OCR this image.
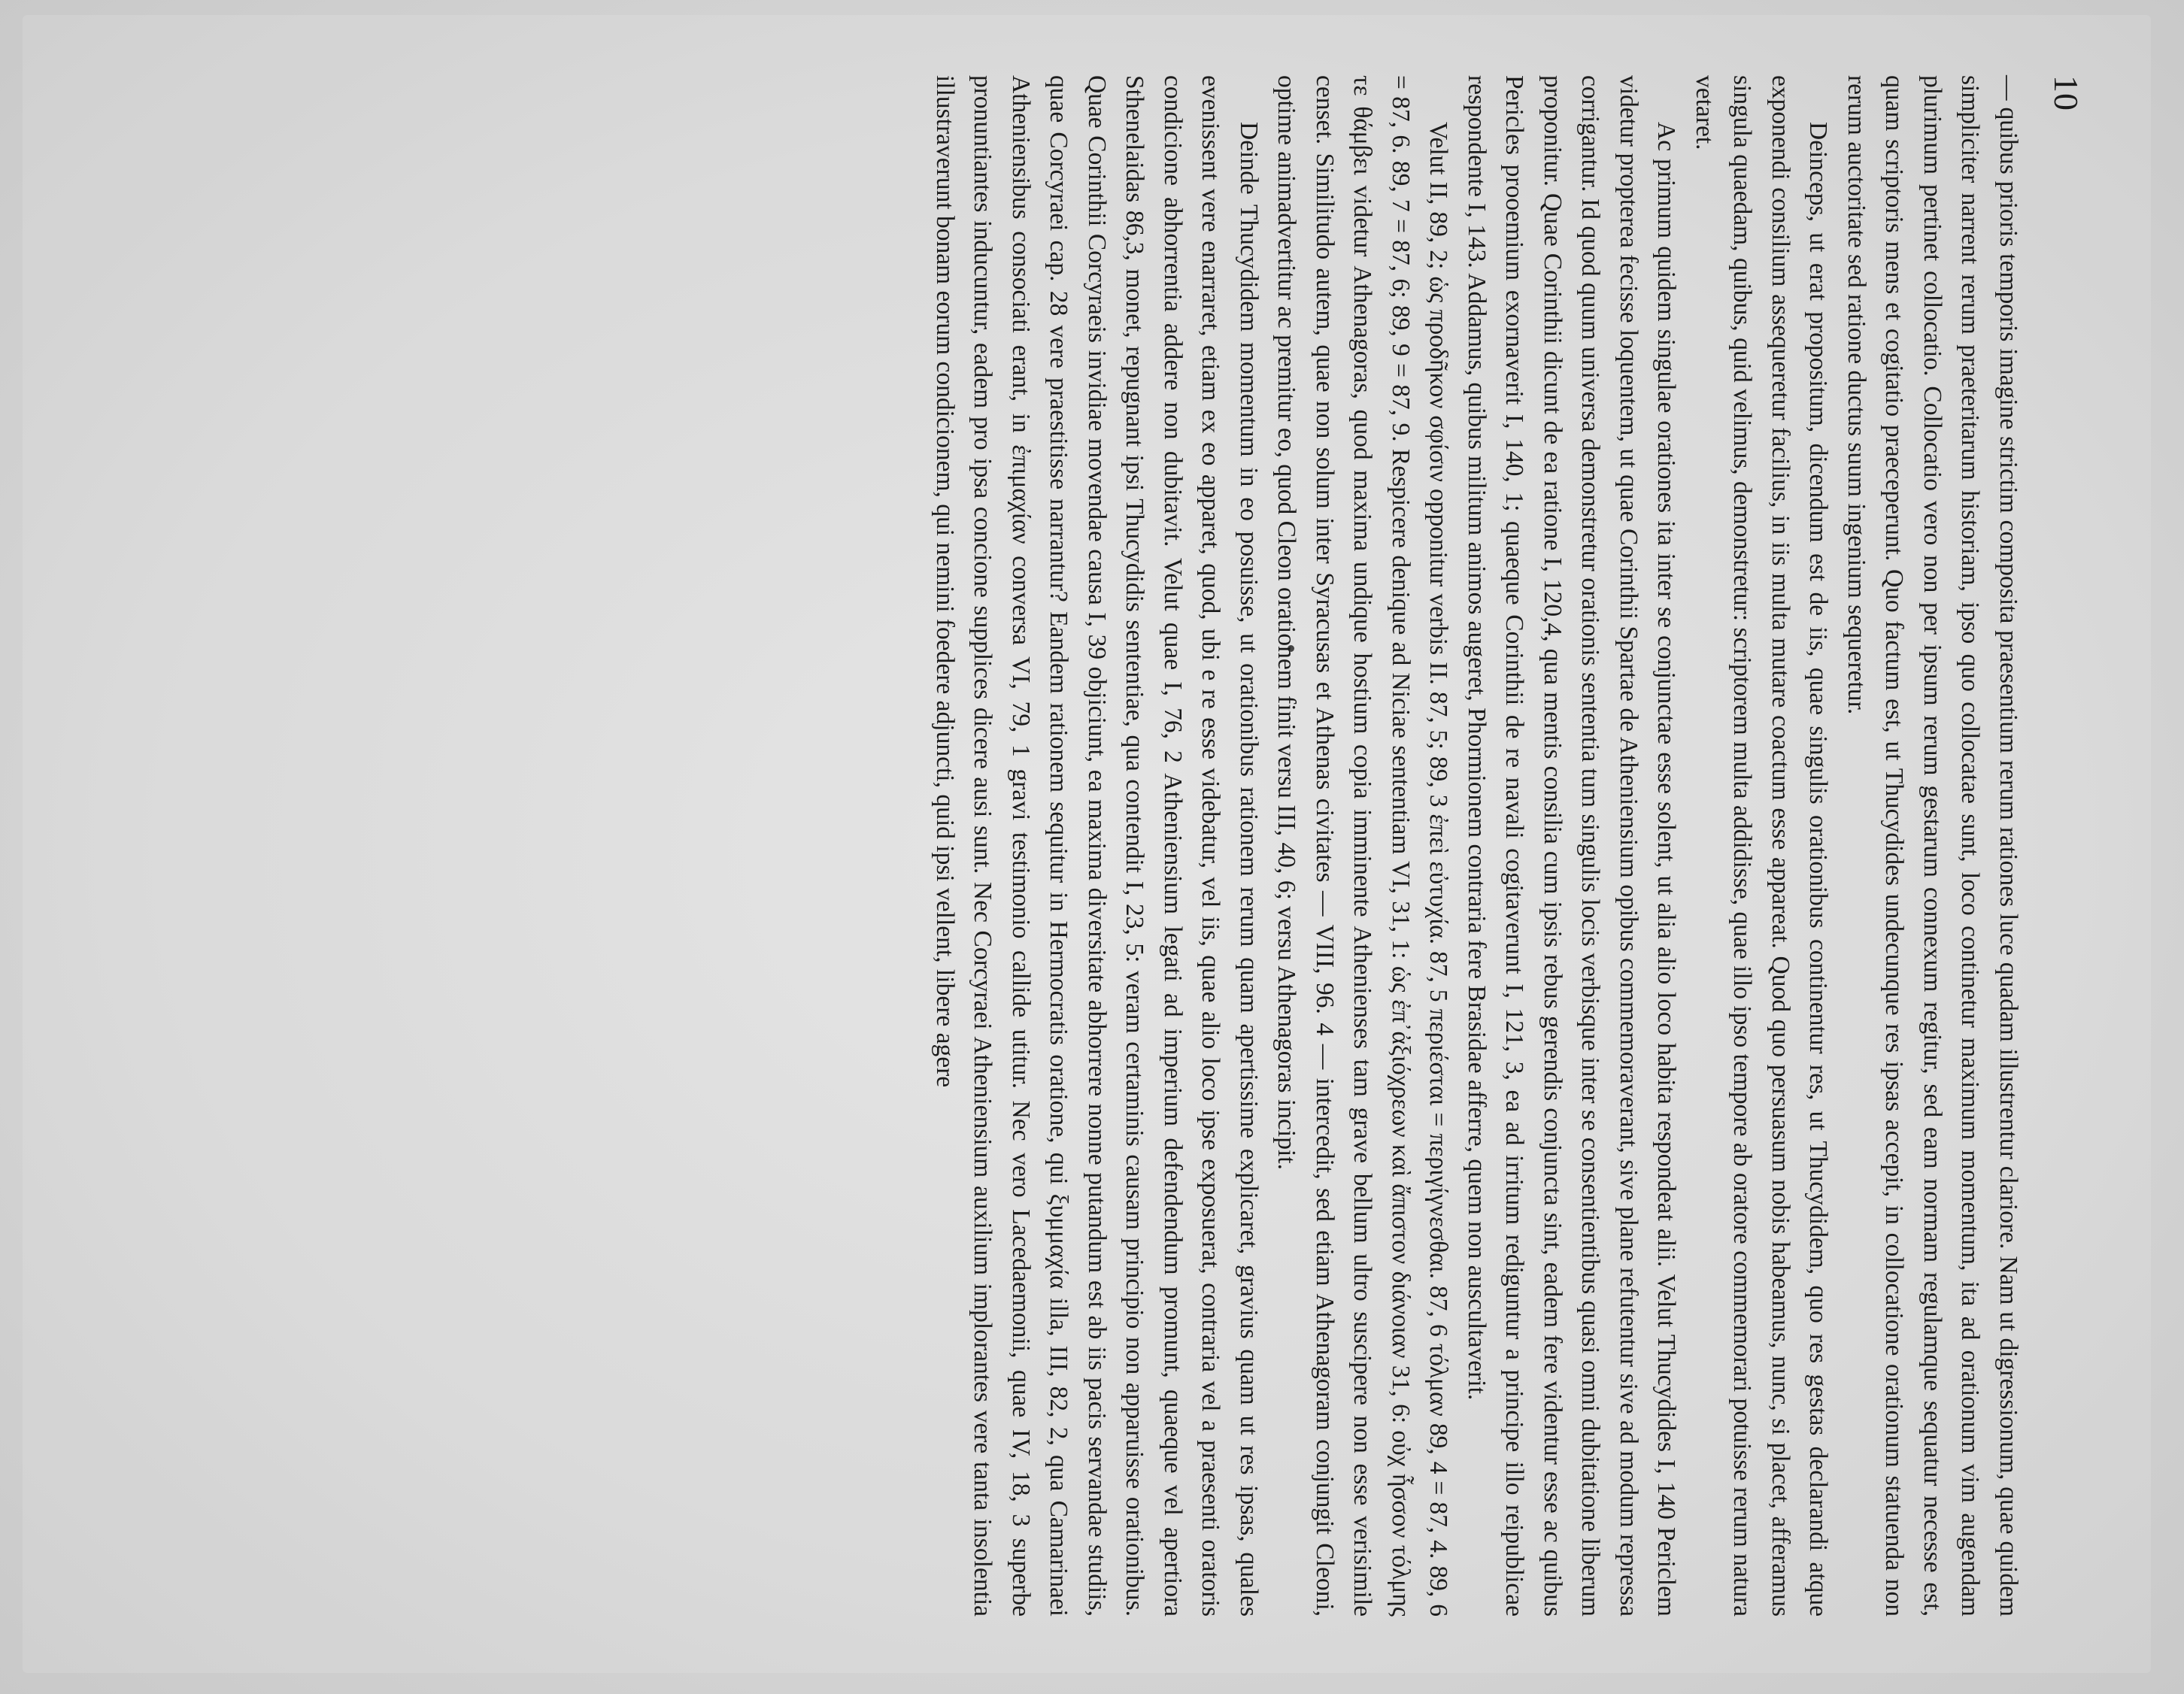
10

— quibus prioris temporis imagine strictim composita praesentium rerum rationes luce quadam illustrentur clariore. Nam ut digressionum, quae quidem simpliciter narrent rerum praeteritarum historiam, ipso quo collocatae sunt, loco continetur maximum momentum, ita ad orationum vim augendam plurimum pertinet collocatio. Collocatio vero non per ipsum rerum gestarum connexum regitur, sed eam normam regulamque sequatur necesse est, quam scriptoris mens et cogitatio praeceperunt. Quo factum est, ut Thucydides undecunque res ipsas accepit, in collocatione orationum statuenda non rerum auctoritate sed ratione ductus suum ingenium sequeretur.

Deinceps, ut erat propositum, dicendum est de iis, quae singulis orationibus continentur res, ut Thucydidem, quo res gestas declarandi atque exponendi consilium assequeretur facilius, in iis multa mutare coactum esse appareat. Quod quo persuasum nobis habeamus, nunc, si placet, afferamus singula quaedam, quibus, quid velimus, demonstretur: scriptorem multa addidisse, quae illo ipso tempore ab oratore commemorari potuisse rerum natura vetaret.

Ac primum quidem singulae orationes ita inter se conjunctae esse solent, ut alia alio loco habita respondeat alii. Velut Thucydides I, 140 Periclem videtur propterea fecisse loquentem, ut quae Corinthii Spartae de Atheniensium opibus commemoraverant, sive plane refutentur sive ad modum repressa corrigantur. Id quod quum universa demonstretur orationis sententia tum singulis locis verbisque inter se consentientibus quasi omni dubitatione liberum proponitur. Quae Corinthii dicunt de ea ratione I, 120,4, qua mentis consilia cum ipsis rebus gerendis conjuncta sint, eadem fere videntur esse ac quibus Pericles prooemium exornaverit I, 140, 1; quaeque Corinthii de re navali cogitaverunt I, 121, 3, ea ad irritum rediguntur a principe illo reipublicae respondente I, 143. Addamus, quibus militum animos augeret, Phormionem contraria fere Brasidae afferre, quem non auscultaverit.

Velut II, 89, 2; ὡς προδῆκον σφίσιν opponitur verbis II. 87, 5; 89, 3 ἐπεὶ εὐτυχία. 87, 5 περιέσται = περιγίγνεσθαι. 87, 6 τόλμαν 89, 4 = 87, 4. 89, 6 = 87, 6. 89, 7 = 87, 6; 89, 9 = 87, 9. Respicere denique ad Niciae sententiam VI, 31, 1: ὡς ἐπ᾽ἀξιόχρεων καὶ ἄπιστον διάνοιαν 31, 6: οὐχ ἧσσον τόλμης τε θάμβει videtur Athenagoras, quod maxima undique hostium copia imminente Athenienses tam grave bellum ultro suscipere non esse verisimile censet. Similitudo autem, quae non solum inter Syracusas et Athenas civitates — VIII, 96. 4 — intercedit, sed etiam Athenagoram conjungit Cleoni, optime animadvertitur ac premitur eo, quod Cleon orationem finit versu III, 40, 6; versu Athenagoras incipit.

Deinde Thucydidem momentum in eo posuisse, ut orationibus rationem rerum quam apertissime explicaret, gravius quam ut res ipsas, quales evenissent vere enarraret, etiam ex eo apparet, quod, ubi e re esse videbatur, vel iis, quae alio loco ipse exposuerat, contraria vel a praesenti oratoris condicione abhorrentia addere non dubitavit. Velut quae I, 76, 2 Atheniensium legati ad imperium defendendum promunt, quaeque vel apertiora Sthenelaidas 86,3, monet, repugnant ipsi Thucydidis sententiae, qua contendit I, 23, 5: veram certaminis causam principio non apparuisse orationibus. Quae Corinthii Corcyraeis invidiae movendae causa I, 39 objiciunt, ea maxima diversitate abhorrere nonne putandum est ab iis pacis servandae studiis, quae Corcyraei cap. 28 vere praestitisse narrantur? Eandem rationem sequitur in Hermocratis oratione, qui ξυμμαχία illa, III, 82, 2, qua Camarinaei Atheniensibus consociati erant, in ἐπιμαχίαν conversa VI, 79, 1 gravi testimonio callide utitur. Nec vero Lacedaemonii, quae IV, 18, 3 superbe pronuntiantes inducuntur, eadem pro ipsa concione supplices dicere ausi sunt. Nec Corcyraei Atheniensium auxilium implorantes vere tanta insolentia illustraverunt bonam eorum condicionem, qui nemini foedere adjuncti, quid ipsi vellent, libere agere
